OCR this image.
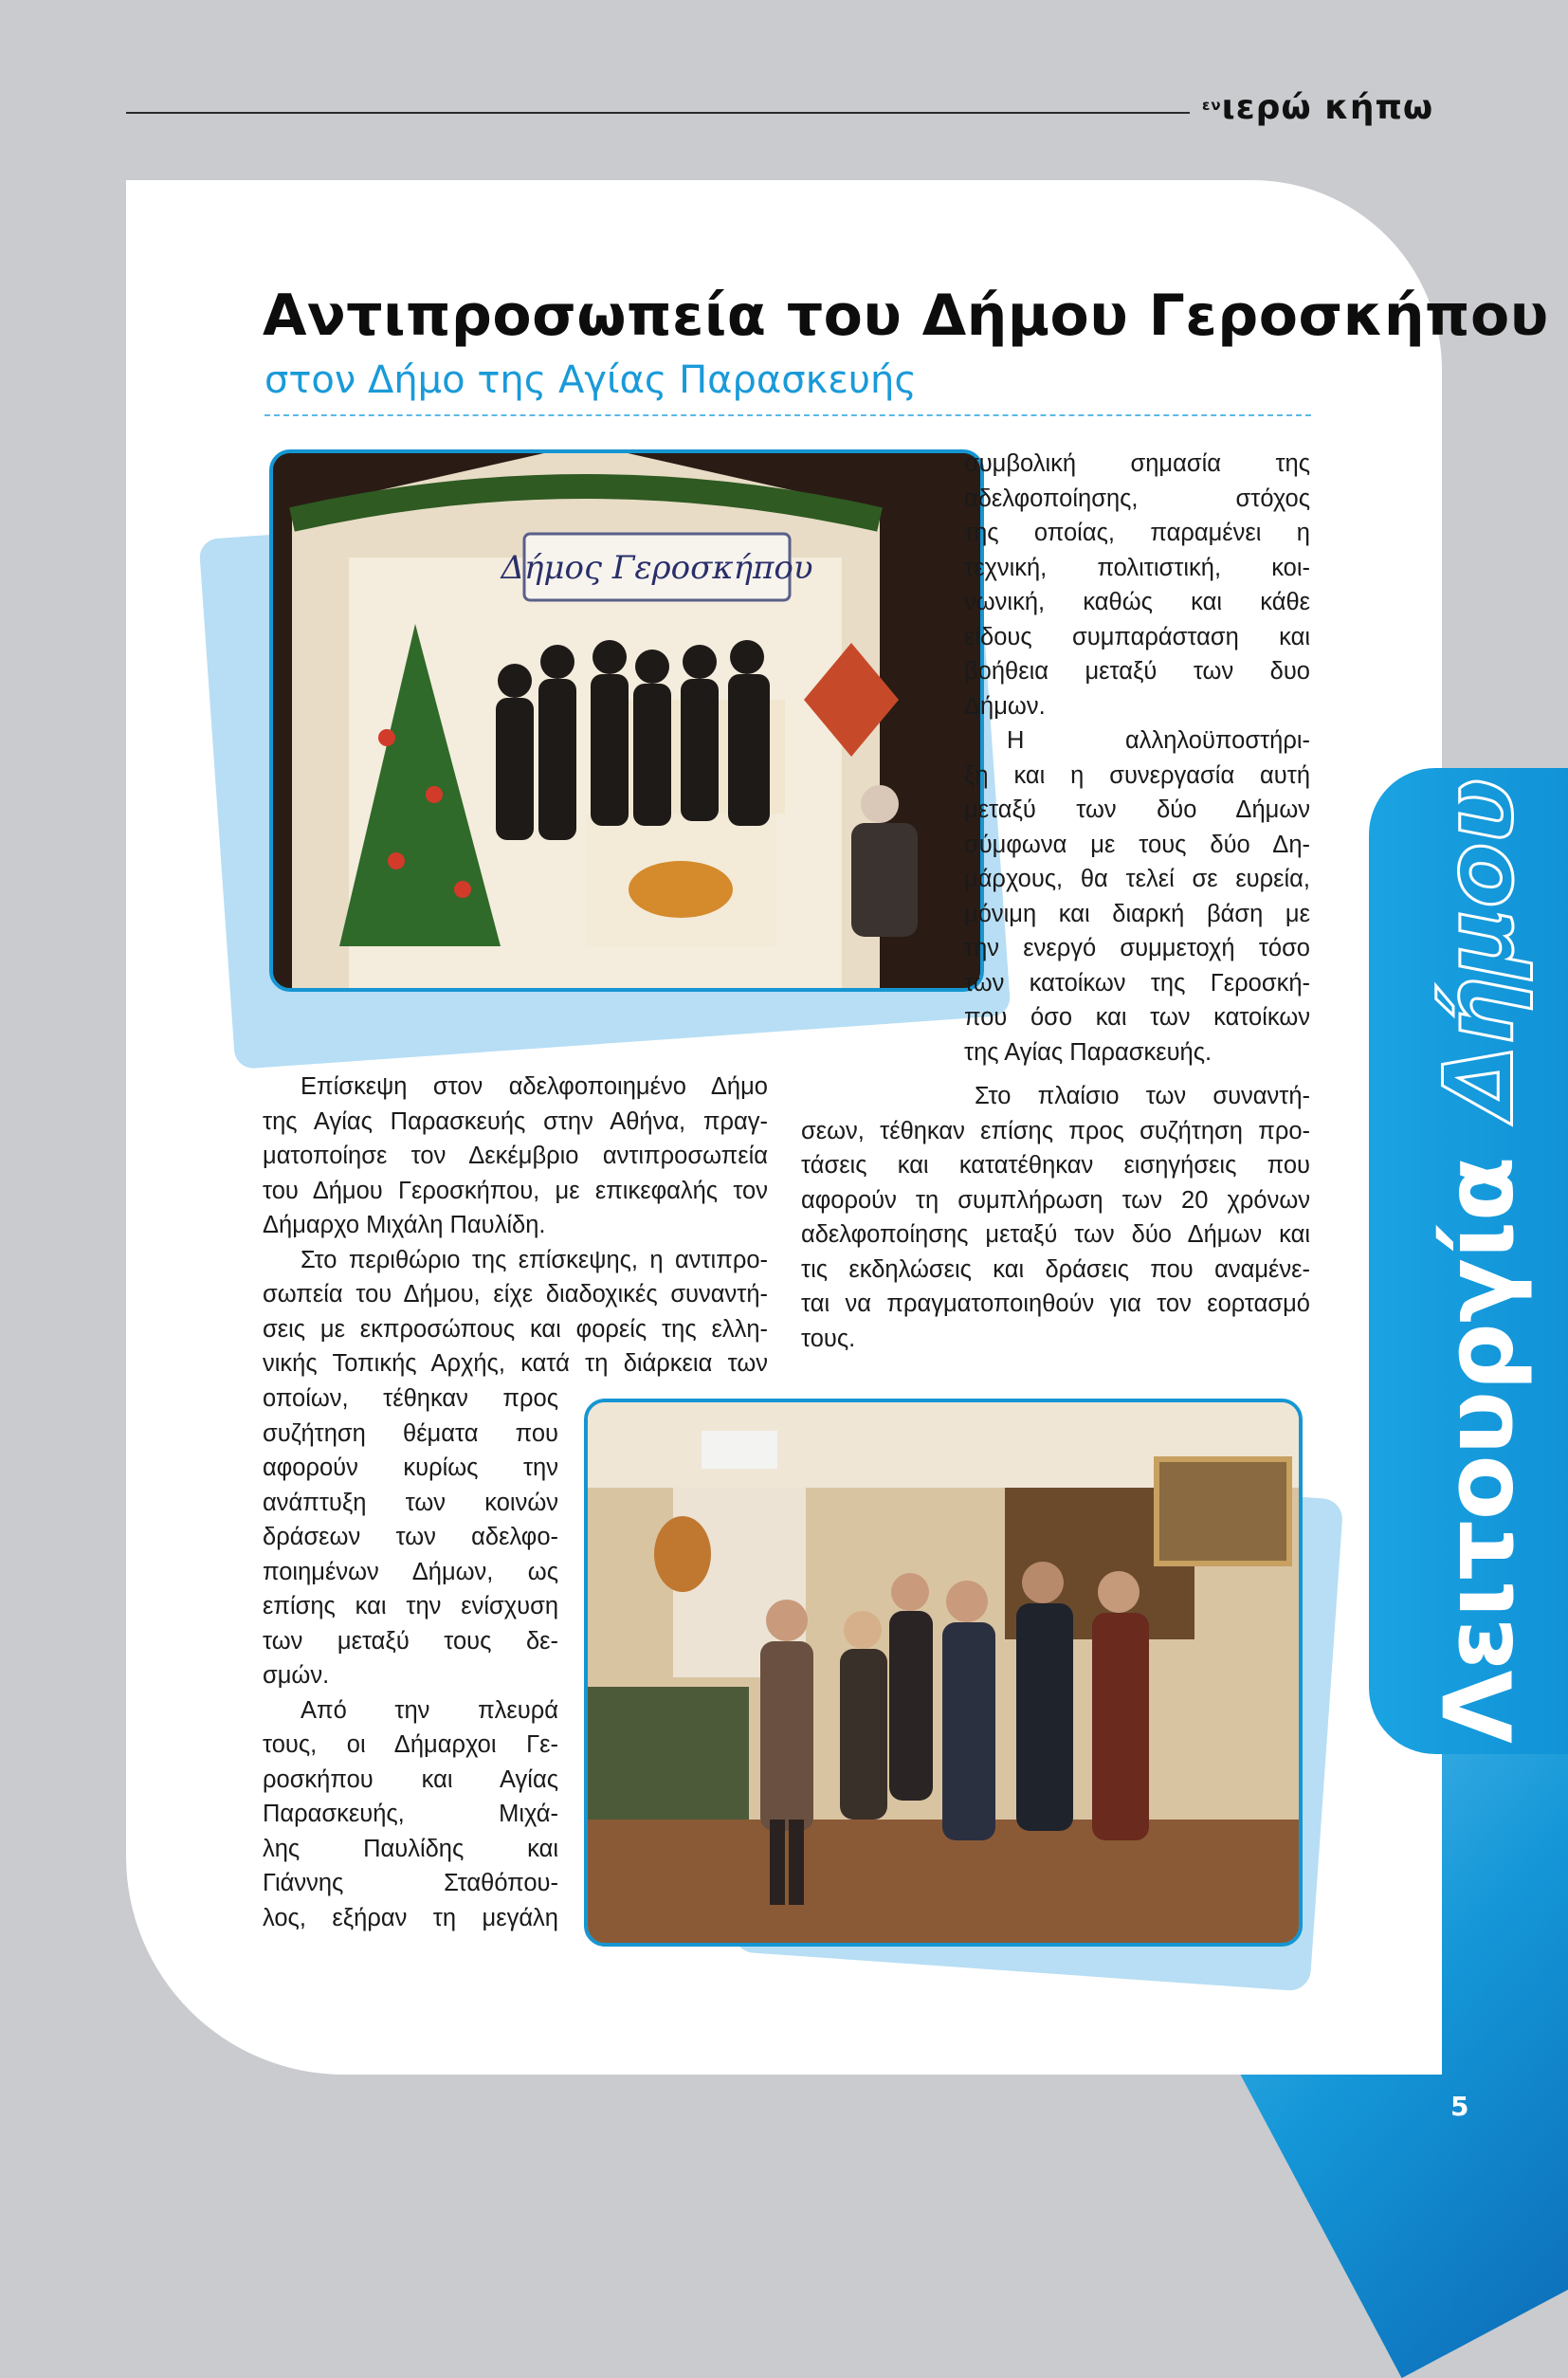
ενιερώ κήπω
ΛειτουργίαΔήμου
Αντιπροσωπεία του Δήμου Γεροσκήπου
στον Δήμο της Αγίας Παρασκευής
Δήμος Γεροσκήπου
συμβολική σημασία της
αδελφοποίησης, στόχος
της οποίας, παραμένει η
τεχνική, πολιτιστική, κοι-
νωνική, καθώς και κάθε
είδους συμπαράσταση και
βοήθεια μεταξύ των δυο
Δήμων.
Η αλληλοϋποστήρι-
ξη και η συνεργασία αυτή
μεταξύ των δύο Δήμων
σύμφωνα με τους δύο Δη-
μάρχους, θα τελεί σε ευρεία,
μόνιμη και διαρκή βάση με
την ενεργό συμμετοχή τόσο
των κατοίκων της Γεροσκή-
που όσο και των κατοίκων
της Αγίας Παρασκευής.
Στο πλαίσιο των συναντή-
σεων, τέθηκαν επίσης προς συζήτηση προ-
τάσεις και κατατέθηκαν εισηγήσεις που
αφορούν τη συμπλήρωση των 20 χρόνων
αδελφοποίησης μεταξύ των δύο Δήμων και
τις εκδηλώσεις και δράσεις που αναμένε-
ται να πραγματοποιηθούν για τον εορτασμό
τους.
Επίσκεψη στον αδελφοποιημένο Δήμο
της Αγίας Παρασκευής στην Αθήνα, πραγ-
ματοποίησε τον Δεκέμβριο αντιπροσωπεία
του Δήμου Γεροσκήπου, με επικεφαλής τον
Δήμαρχο Μιχάλη Παυλίδη.
Στο περιθώριο της επίσκεψης, η αντιπρο-
σωπεία του Δήμου, είχε διαδοχικές συναντή-
σεις με εκπροσώπους και φορείς της ελλη-
νικής Τοπικής Αρχής, κατά τη διάρκεια των
οποίων, τέθηκαν προς
συζήτηση θέματα που
αφορούν κυρίως την
ανάπτυξη των κοινών
δράσεων των αδελφο-
ποιημένων Δήμων, ως
επίσης και την ενίσχυση
των μεταξύ τους δε-
σμών.
Από την πλευρά
τους, οι Δήμαρχοι Γε-
ροσκήπου και Αγίας
Παρασκευής, Μιχά-
λης Παυλίδης και
Γιάννης Σταθόπου-
λος, εξήραν τη μεγάλη
5
